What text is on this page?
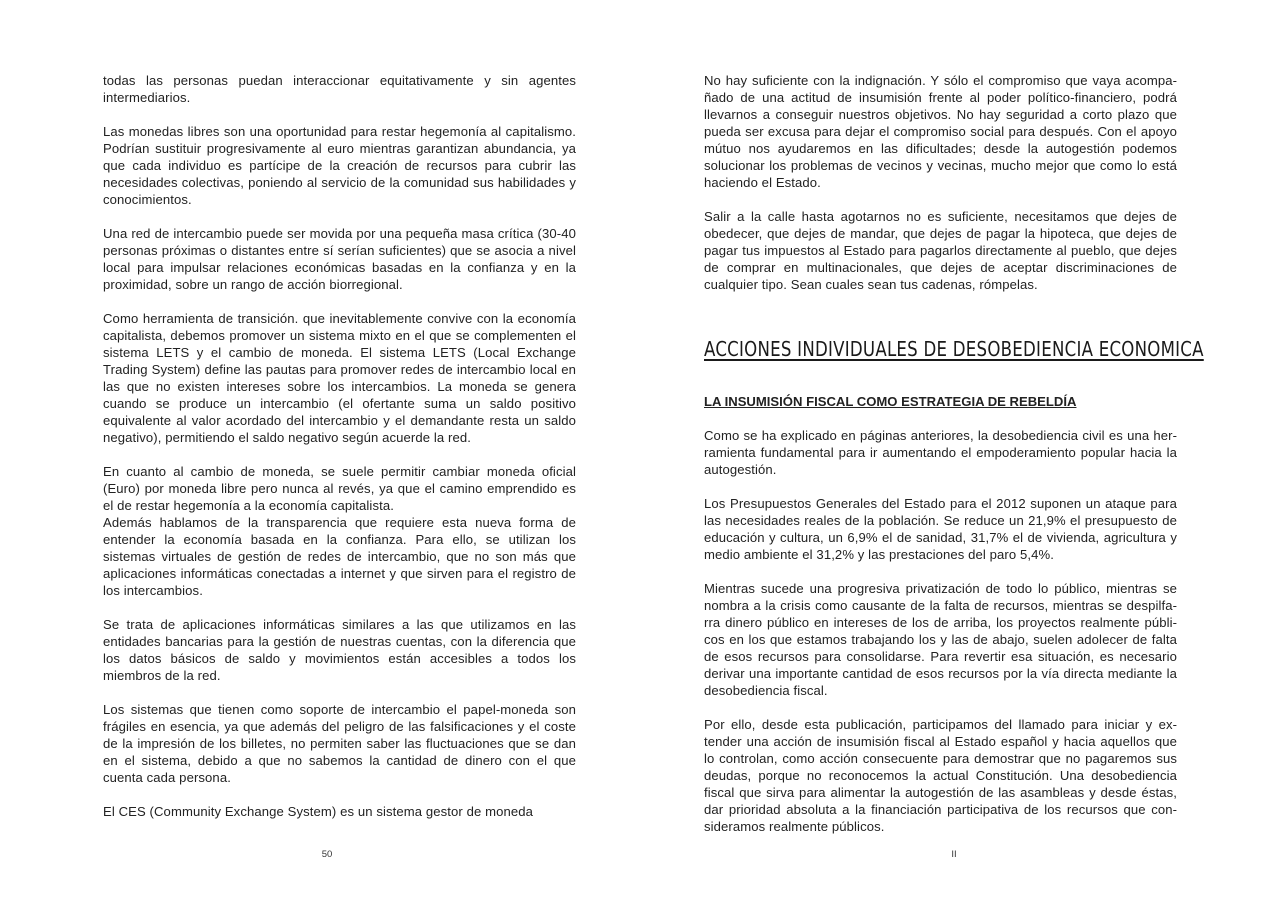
todas las personas puedan interaccionar equitativamente y sin agentes intermediarios.

Las monedas libres son una oportunidad para restar hegemonía al capitalismo. Podrían sustituir progresivamente al euro mientras garantizan abundancia, ya que cada individuo es partícipe de la creación de recursos para cubrir las necesidades colectivas, poniendo al servicio de la comunidad sus habilidades y conocimientos.

Una red de intercambio puede ser movida por una pequeña masa crítica (30-40 personas próximas o distantes entre sí serían suficientes) que se asocia a nivel local para impulsar relaciones económicas basadas en la confianza y en la proximidad, sobre un rango de acción biorregional.

Como herramienta de transición. que inevitablemente convive con la economía capitalista, debemos promover un sistema mixto en el que se complementen el sistema LETS y el cambio de moneda. El sistema LETS (Local Exchange Trading System) define las pautas para promover redes de intercambio local en las que no existen intereses sobre los intercambios. La moneda se genera cuando se produce un intercambio (el ofertante suma un saldo positivo equivalente al valor acordado del intercambio y el demandante resta un saldo negativo), permitiendo el saldo negativo según acuerde la red.

En cuanto al cambio de moneda, se suele permitir cambiar moneda oficial (Euro) por moneda libre pero nunca al revés, ya que el camino emprendido es el de restar hegemonía a la economía capitalista.

Además hablamos de la transparencia que requiere esta nueva forma de entender la economía basada en la confianza. Para ello, se utilizan los sistemas virtuales de gestión de redes de intercambio, que no son más que aplicaciones informáticas conectadas a internet y que sirven para el registro de los intercambios.

Se trata de aplicaciones informáticas similares a las que utilizamos en las entidades bancarias para la gestión de nuestras cuentas, con la diferencia que los datos básicos de saldo y movimientos están accesibles a todos los miembros de la red.

Los sistemas que tienen como soporte de intercambio el papel-moneda son frágiles en esencia, ya que además del peligro de las falsificaciones y el coste de la impresión de los billetes, no permiten saber las fluctuaciones que se dan en el sistema, debido a que no sabemos la cantidad de dinero con el que cuenta cada persona.

El CES (Community Exchange System) es un sistema gestor de moneda

50

No hay suficiente con la indignación. Y sólo el compromiso que vaya acompañado de una actitud de insumisión frente al poder político-financiero, podrá llevarnos a conseguir nuestros objetivos. No hay seguridad a corto plazo que pueda ser excusa para dejar el compromiso social para después. Con el apoyo mútuo nos ayudaremos en las dificultades; desde la autogestión podemos solucionar los problemas de vecinos y vecinas, mucho mejor que como lo está haciendo el Estado.

Salir a la calle hasta agotarnos no es suficiente, necesitamos que dejes de obedecer, que dejes de mandar, que dejes de pagar la hipoteca, que dejes de pagar tus impuestos al Estado para pagarlos directamente al pueblo, que dejes de comprar en multinacionales, que dejes de aceptar discriminaciones de cualquier tipo. Sean cuales sean tus cadenas, rómpelas.

ACCIONES INDIVIDUALES DE DESOBEDIENCIA ECONOMICA
LA INSUMISIÓN FISCAL COMO ESTRATEGIA DE REBELDÍA

Como se ha explicado en páginas anteriores, la desobediencia civil es una herramienta fundamental para ir aumentando el empoderamiento popular hacia la autogestión.

Los Presupuestos Generales del Estado para el 2012 suponen un ataque para las necesidades reales de la población. Se reduce un 21,9% el presupuesto de educación y cultura, un 6,9% el de sanidad, 31,7% el de vivienda, agricultura y medio ambiente el 31,2% y las prestaciones del paro 5,4%.

Mientras sucede una progresiva privatización de todo lo público, mientras se nombra a la crisis como causante de la falta de recursos, mientras se despilfarra dinero público en intereses de los de arriba, los proyectos realmente públicos en los que estamos trabajando los y las de abajo, suelen adolecer de falta de esos recursos para consolidarse. Para revertir esa situación, es necesario derivar una importante cantidad de esos recursos por la vía directa mediante la desobediencia fiscal.

Por ello, desde esta publicación, participamos del llamado para iniciar y extender una acción de insumisión fiscal al Estado español y hacia aquellos que lo controlan, como acción consecuente para demostrar que no pagaremos sus deudas, porque no reconocemos la actual Constitución. Una desobediencia fiscal que sirva para alimentar la autogestión de las asambleas y desde éstas, dar prioridad absoluta a la financiación participativa de los recursos que consideramos realmente públicos.

II
